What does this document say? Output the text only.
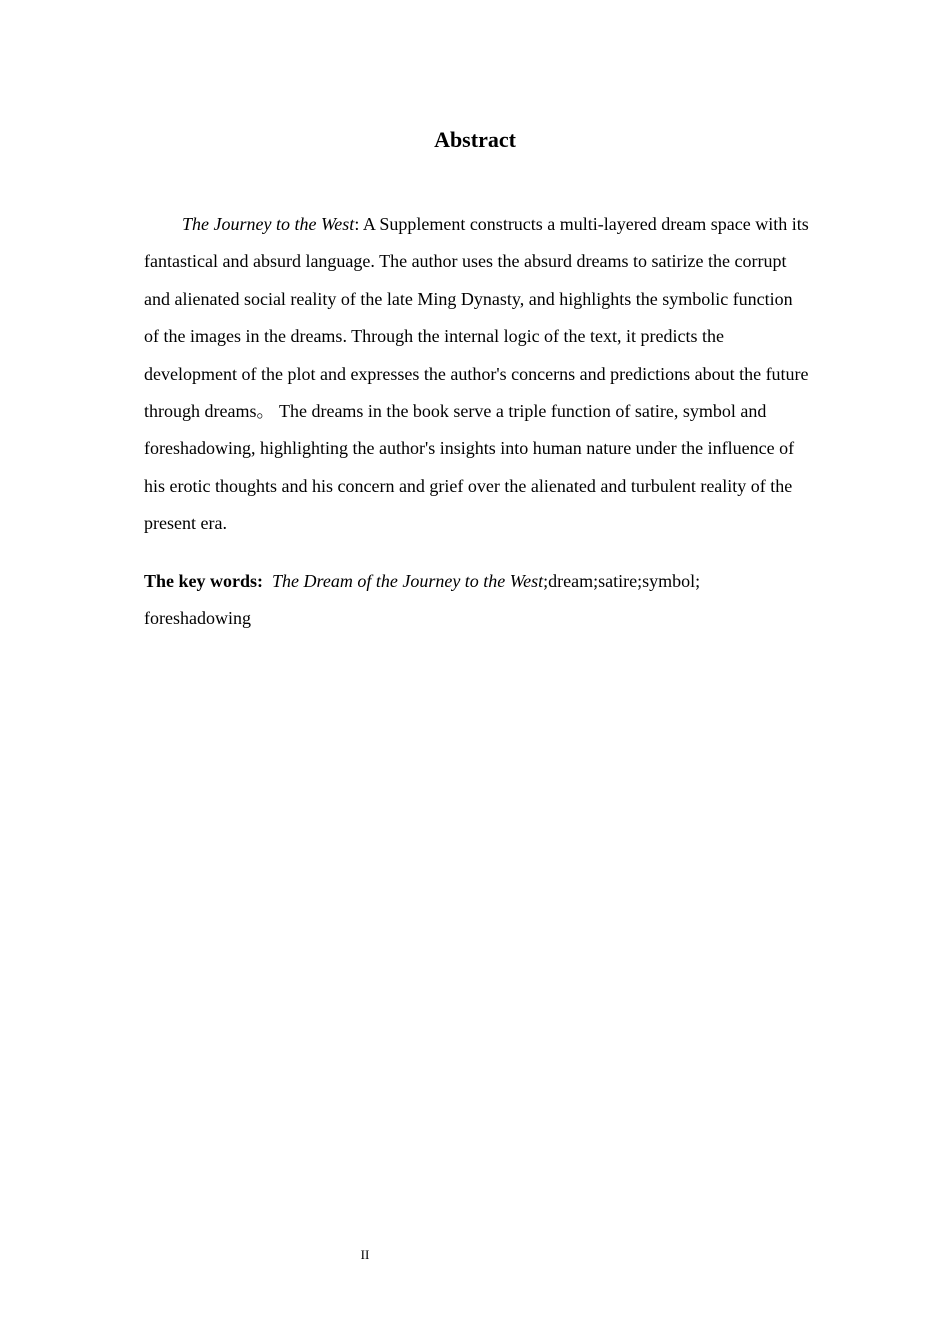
Abstract

The Journey to the West: A Supplement constructs a multi-layered dream space with its fantastical and absurd language. The author uses the absurd dreams to satirize the corrupt and alienated social reality of the late Ming Dynasty, and highlights the symbolic function of the images in the dreams. Through the internal logic of the text, it predicts the development of the plot and expresses the author's concerns and predictions about the future through dreams。 The dreams in the book serve a triple function of satire, symbol and foreshadowing, highlighting the author's insights into human nature under the influence of his erotic thoughts and his concern and grief over the alienated and turbulent reality of the present era.

The key words: The Dream of the Journey to the West;dream;satire;symbol; foreshadowing

II
